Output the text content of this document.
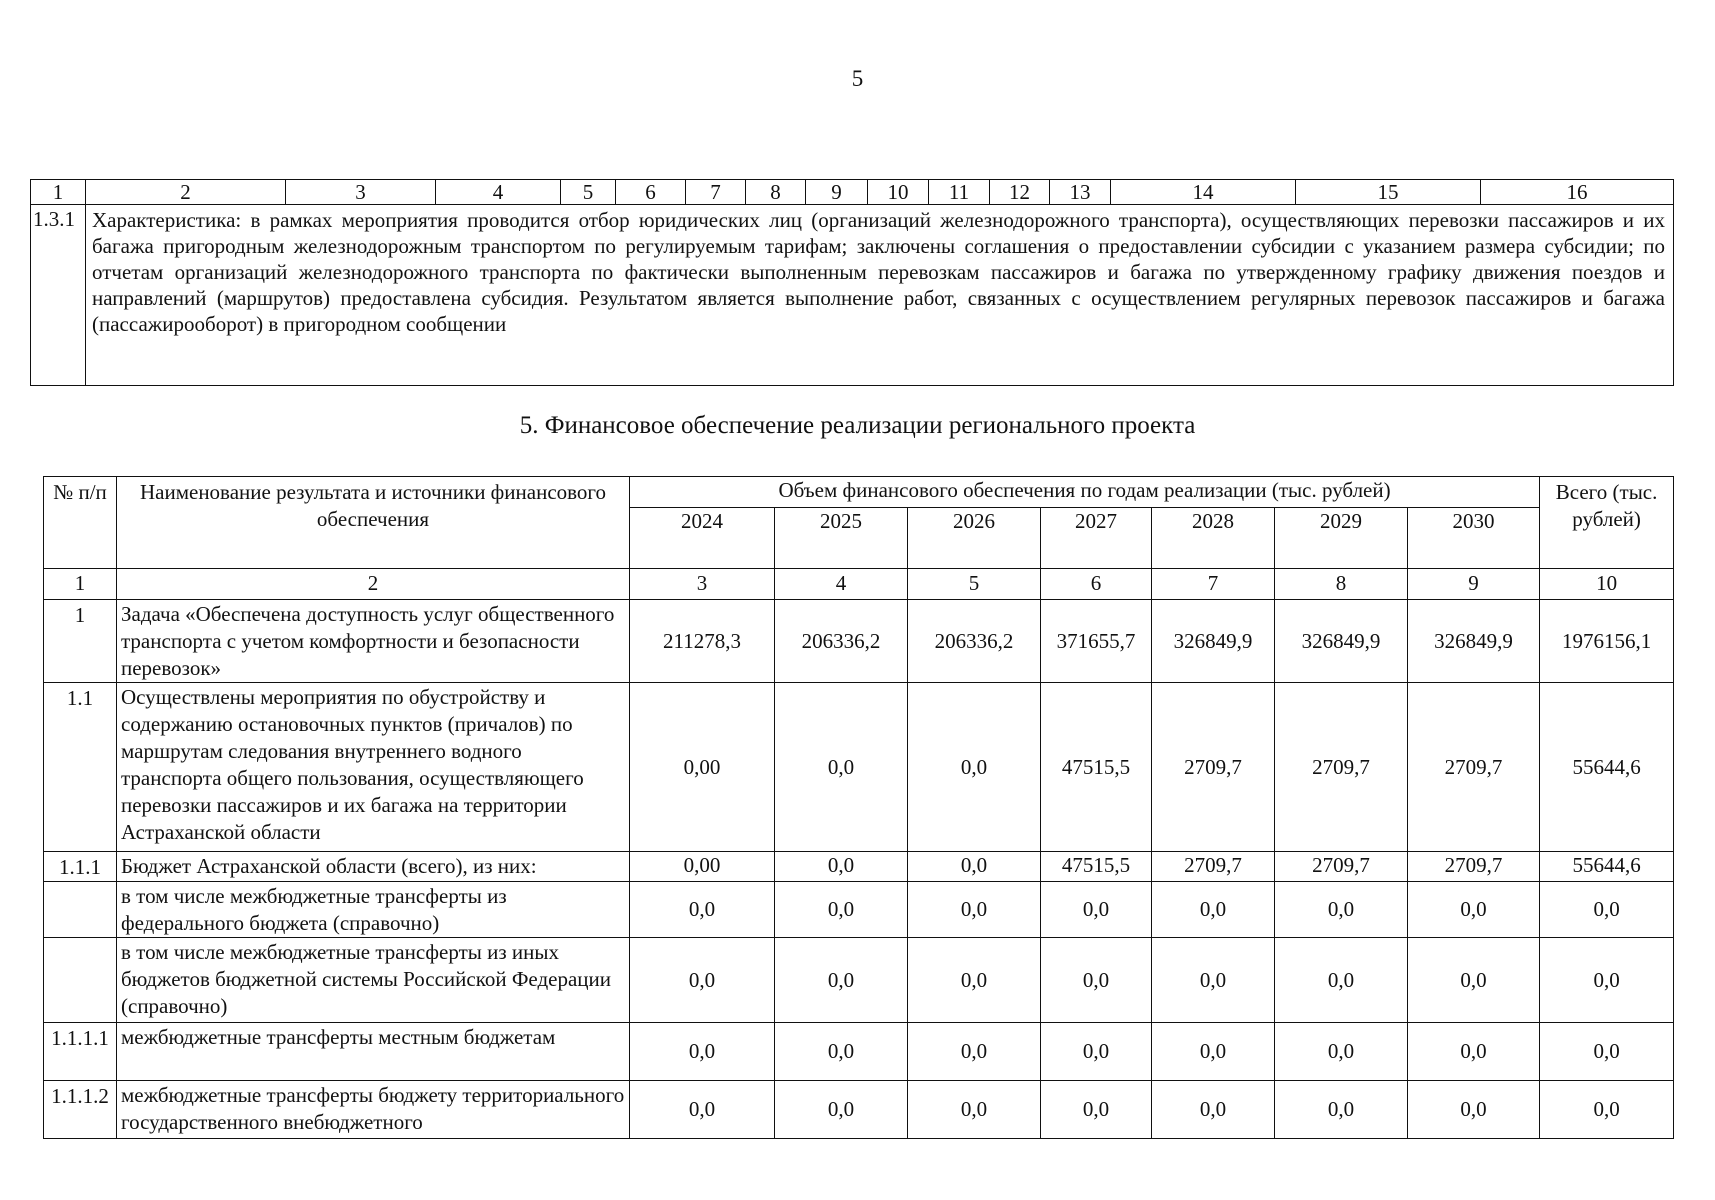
5
1	2	3	4	5	6	7	8	9	10	11	12	13	14	15	16
1.3.1	Характеристика: в рамках мероприятия проводится отбор юридических лиц (организаций железнодорожного транспорта), осуществляющих перевозки пассажиров и их багажа пригородным железнодорожным транспортом по регулируемым тарифам; заключены соглашения о предоставлении субсидии с указанием размера субсидии; по отчетам организаций железнодорожного транспорта по фактически выполненным перевозкам пассажиров и багажа по утвержденному графику движения поездов и направлений (маршрутов) предоставлена субсидия. Результатом является выполнение работ, связанных с осуществлением регулярных перевозок пассажиров и багажа (пассажирооборот) в пригородном сообщении														
5. Финансовое обеспечение реализации регионального проекта
№ п/п	Наименование результата и источники финансового обеспечения	Объем финансового обеспечения по годам реализации (тыс. рублей)							Всего (тыс. рублей)
		2024	2025	2026	2027	2028	2029	2030	
1	2	3	4	5	6	7	8	9	10
1	Задача «Обеспечена доступность услуг общественного транспорта с учетом комфортности и безопасности перевозок»	211278,3	206336,2	206336,2	371655,7	326849,9	326849,9	326849,9	1976156,1
1.1	Осуществлены мероприятия по обустройству и содержанию остановочных пунктов (причалов) по маршрутам следования внутреннего водного транспорта общего пользования, осуществляющего перевозки пассажиров и их багажа на территории Астраханской области	0,00	0,0	0,0	47515,5	2709,7	2709,7	2709,7	55644,6
1.1.1	Бюджет Астраханской области (всего), из них:	0,00	0,0	0,0	47515,5	2709,7	2709,7	2709,7	55644,6
	в том числе межбюджетные трансферты из федерального бюджета (справочно)	0,0	0,0	0,0	0,0	0,0	0,0	0,0	0,0
	в том числе межбюджетные трансферты из иных бюджетов бюджетной системы Российской Федерации (справочно)	0,0	0,0	0,0	0,0	0,0	0,0	0,0	0,0
1.1.1.1	межбюджетные трансферты местным бюджетам	0,0	0,0	0,0	0,0	0,0	0,0	0,0	0,0
1.1.1.2	межбюджетные трансферты бюджету территориального государственного внебюджетного	0,0	0,0	0,0	0,0	0,0	0,0	0,0	0,0
